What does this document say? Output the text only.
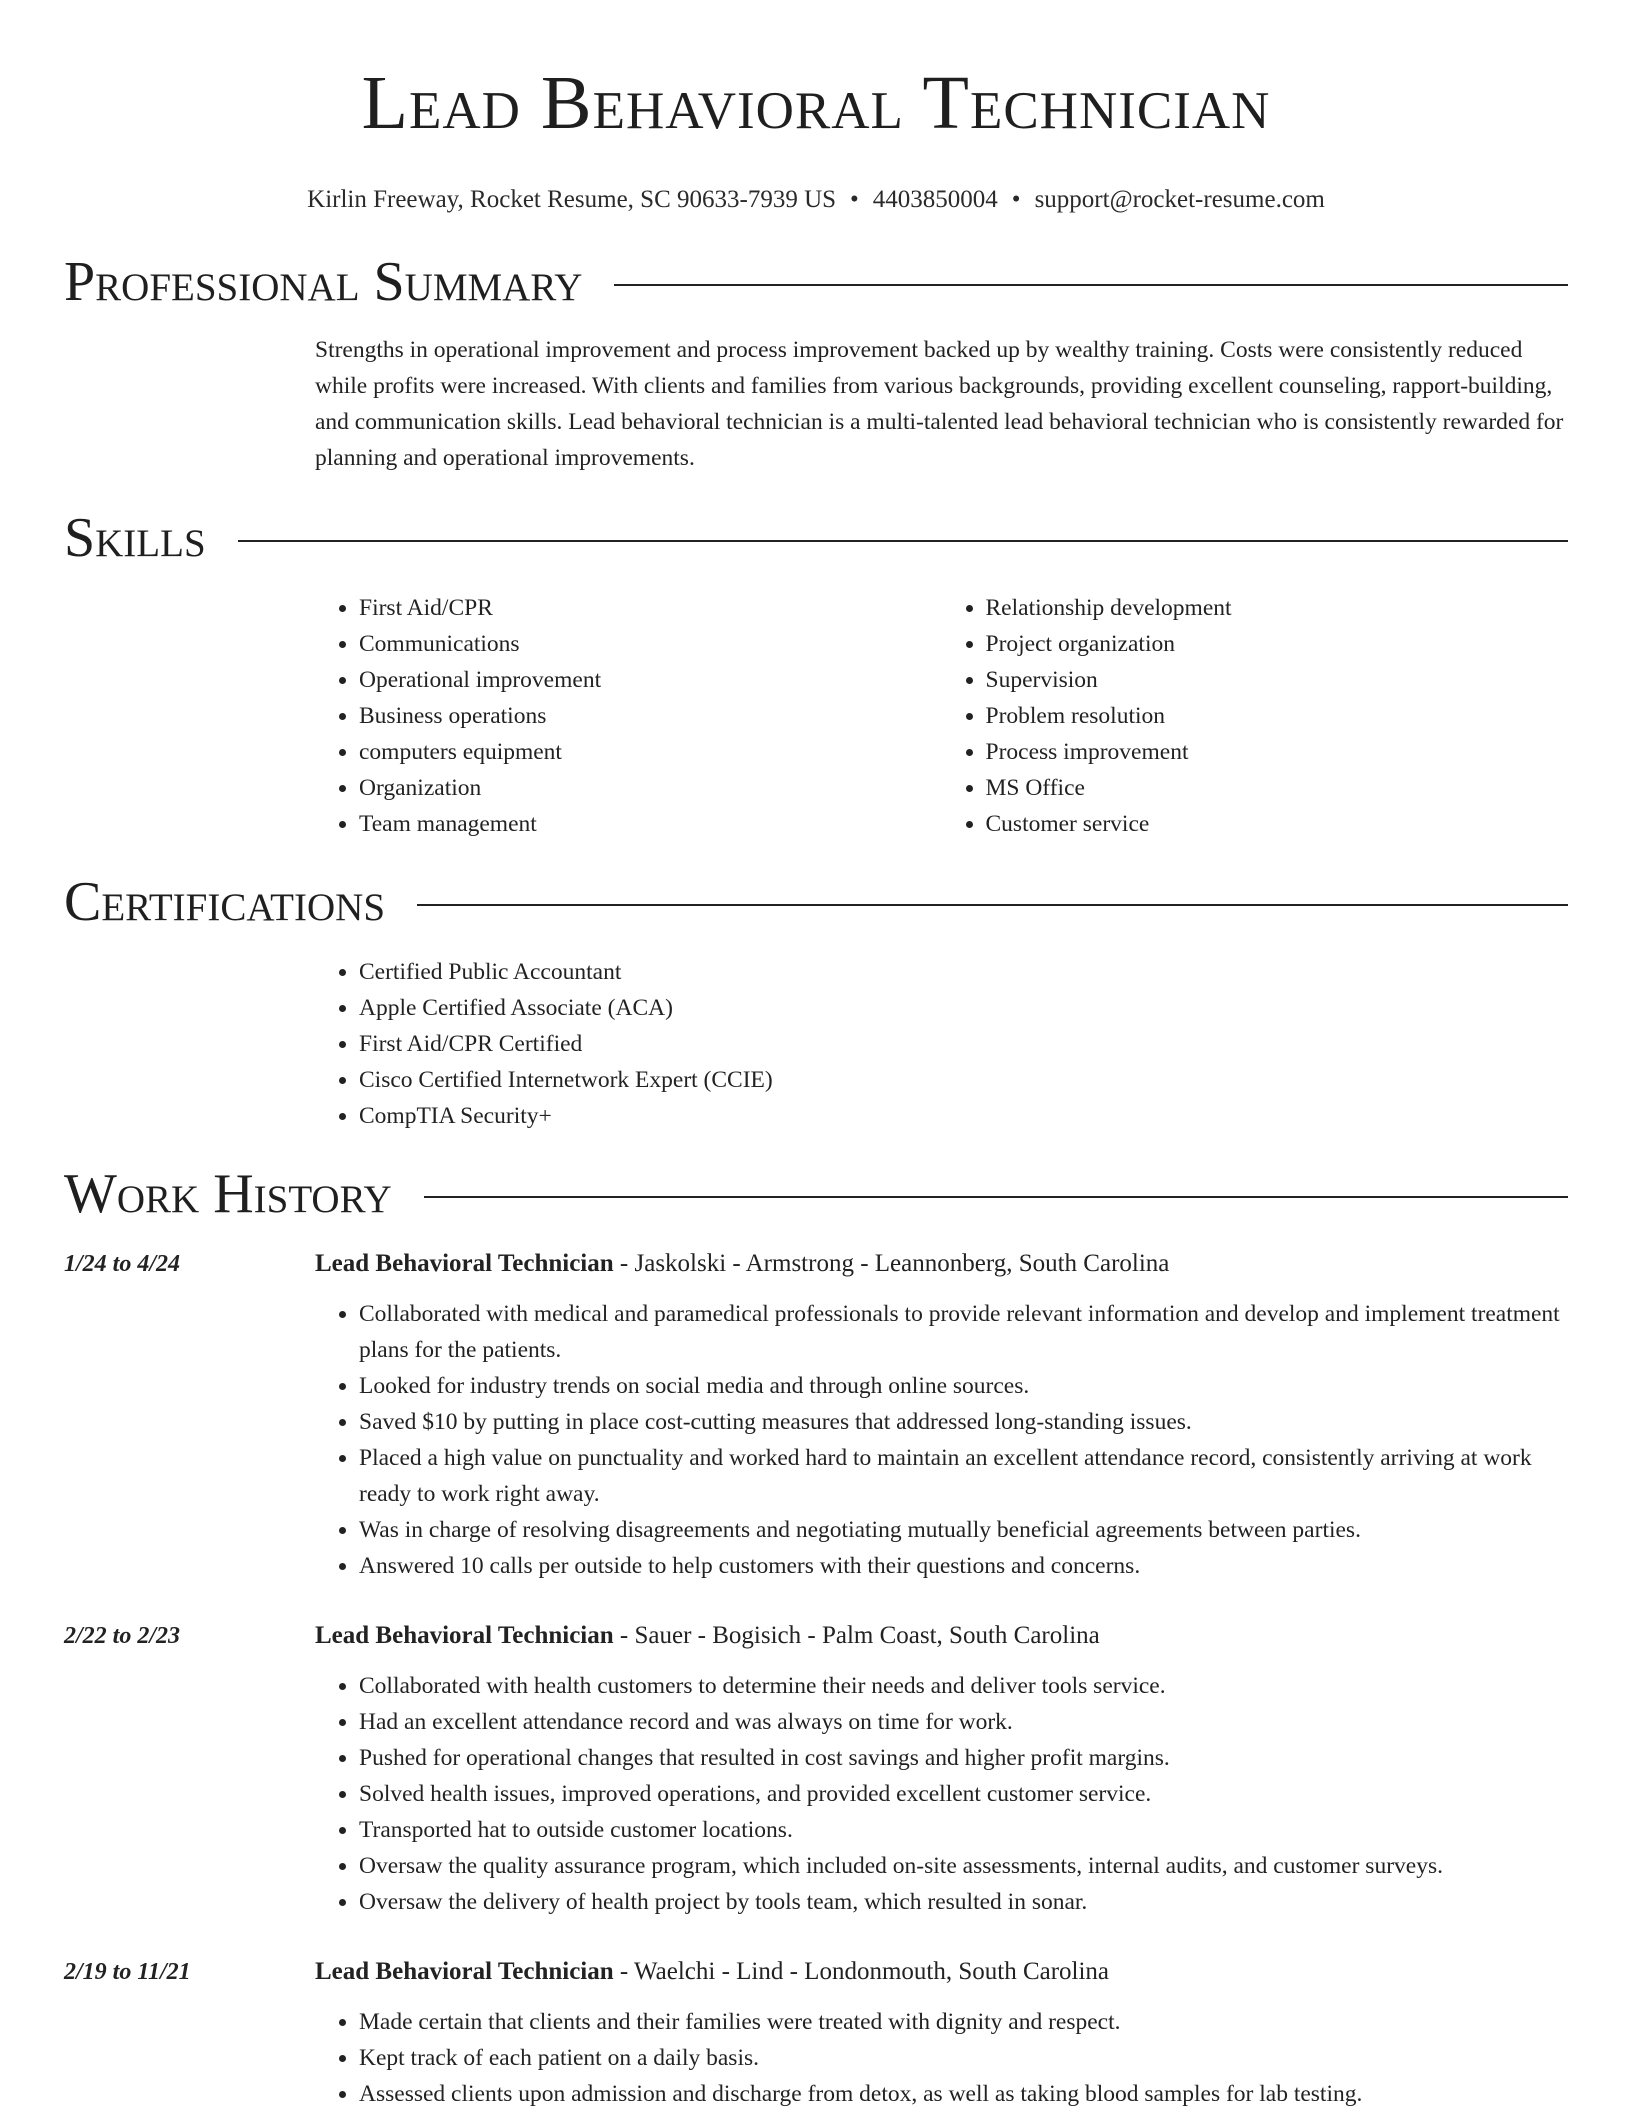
Lead Behavioral Technician
Kirlin Freeway, Rocket Resume, SC 90633-7939 US • 4403850004 • support@rocket-resume.com
Professional Summary

Strengths in operational improvement and process improvement backed up by wealthy training. Costs were consistently reduced while profits were increased. With clients and families from various backgrounds, providing excellent counseling, rapport-building, and communication skills. Lead behavioral technician is a multi-talented lead behavioral technician who is consistently rewarded for planning and operational improvements.

Skills
• First Aid/CPR
• Communications
• Operational improvement
• Business operations
• computers equipment
• Organization
• Team management
• Relationship development
• Project organization
• Supervision
• Problem resolution
• Process improvement
• MS Office
• Customer service
Certifications
• Certified Public Accountant
• Apple Certified Associate (ACA)
• First Aid/CPR Certified
• Cisco Certified Internetwork Expert (CCIE)
• CompTIA Security+
Work History
1/24 to 4/24	Lead Behavioral Technician - Jaskolski - Armstrong - Leannonberg, South Carolina
• Collaborated with medical and paramedical professionals to provide relevant information and develop and implement treatment plans for the patients.
• Looked for industry trends on social media and through online sources.
• Saved $10 by putting in place cost-cutting measures that addressed long-standing issues.
• Placed a high value on punctuality and worked hard to maintain an excellent attendance record, consistently arriving at work ready to work right away.
• Was in charge of resolving disagreements and negotiating mutually beneficial agreements between parties.
• Answered 10 calls per outside to help customers with their questions and concerns.
2/22 to 2/23	Lead Behavioral Technician - Sauer - Bogisich - Palm Coast, South Carolina
• Collaborated with health customers to determine their needs and deliver tools service.
• Had an excellent attendance record and was always on time for work.
• Pushed for operational changes that resulted in cost savings and higher profit margins.
• Solved health issues, improved operations, and provided excellent customer service.
• Transported hat to outside customer locations.
• Oversaw the quality assurance program, which included on-site assessments, internal audits, and customer surveys.
• Oversaw the delivery of health project by tools team, which resulted in sonar.
2/19 to 11/21	Lead Behavioral Technician - Waelchi - Lind - Londonmouth, South Carolina
• Made certain that clients and their families were treated with dignity and respect.
• Kept track of each patient on a daily basis.
• Assessed clients upon admission and discharge from detox, as well as taking blood samples for lab testing.
